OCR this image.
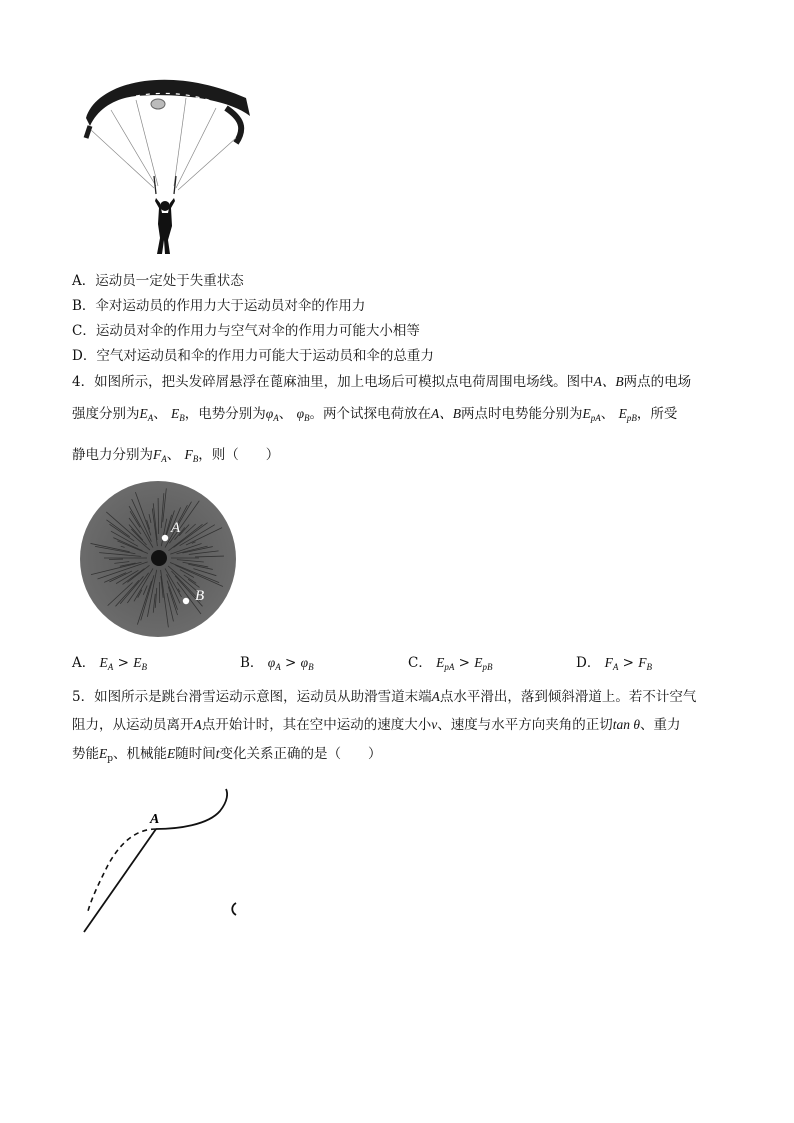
A．运动员一定处于失重状态
B．伞对运动员的作用力大于运动员对伞的作用力
C．运动员对伞的作用力与空气对伞的作用力可能大小相等
D．空气对运动员和伞的作用力可能大于运动员和伞的总重力
4．如图所示，把头发碎屑悬浮在蓖麻油里，加上电场后可模拟点电荷周围电场线。图中A、B两点的电场
强度分别为$E_A$、 $E_B$，电势分别为$\varphi_A$、 $\varphi_B$。两个试探电荷放在A、B两点时电势能分别为$E_{pA}$、 $E_{pB}$，所受
静电力分别为$F_A$、 $F_B$，则（　　）
A
B
A． $E_A > E_B$	B． $\varphi_A > \varphi_B$	C． $E_{pA} > E_{pB}$	D． $F_A > F_B$
5．如图所示是跳台滑雪运动示意图，运动员从助滑雪道末端A点水平滑出，落到倾斜滑道上。若不计空气
阻力，从运动员离开A点开始计时，其在空中运动的速度大小v、速度与水平方向夹角的正切tan θ、重力
势能$E_p$、机械能E随时间t变化关系正确的是（　　）
A
